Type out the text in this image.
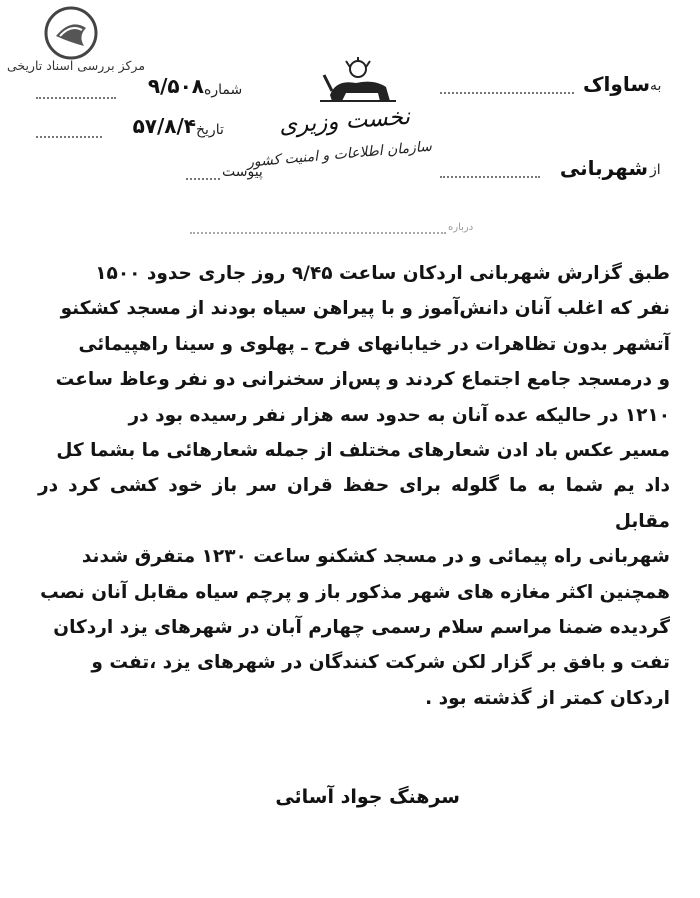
مرکز بررسی اسناد تاریخی
نخست وزیری
سازمان اطلاعات و امنیت کشور
به
ساواک
از
شهربانی
شماره
۹/۵۰۸
تاریخ
۵۷/۸/۴
پیوست
درباره

طبق گزارش شهربانی اردکان ساعت ۹/۴۵ روز جاری حدود ۱۵۰۰

نفر که اغلب آنان دانش‌آموز و با پیراهن سیاه بودند از مسجد کشکنو

آتشهر بدون تظاهرات در خیابانهای فرح ـ پهلوی و سینا راهپیمائی

و درمسجد جامع اجتماع کردند و پس‌از سخنرانی دو نفر وعاظ ساعت

۱۲۱۰ در حالیکه عده آنان به حدود سه هزار نفر رسیده بود در

مسیر عکس باد ادن شعارهای مختلف از جمله شعارهائی ما بشما کل

داد یم شما به ما گلوله برای حفظ قران سر باز خود کشی کرد در مقابل

شهربانی راه پیمائی و در مسجد کشکنو ساعت ۱۲۳۰ متفرق شدند

همچنین اکثر مغازه های شهر مذکور باز و پرچم سیاه مقابل آنان نصب

گردیده ضمنا مراسم سلام رسمی چهارم آبان در شهرهای یزد اردکان

تفت و بافق بر گزار لکن شرکت کنندگان در شهرهای یزد ،تفت و

اردکان کمتر از گذشته بود .

سرهنگ جواد آسائی
